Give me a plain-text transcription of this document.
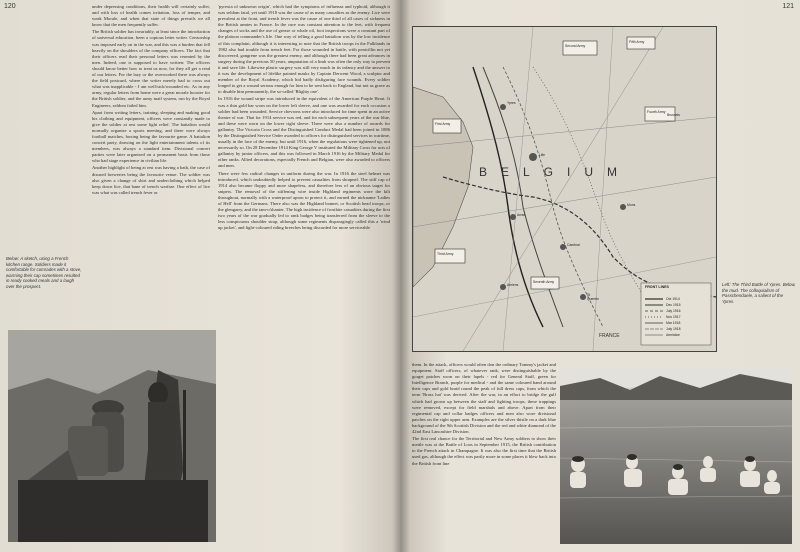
120	under depressing conditions, their health will certainly suffer, and with loss of health comes irritation, loss of temper, and weak Morale, and when that state of things prevails we all know that the men frequently suffer.

The British soldier has invariably, at least since the introduction of universal education, been a copious letter writer. Censorship was imposed early on in the war, and this was a burden that fell heavily on the shoulders of the company officers. The fact that their officers read their personal letters was resented by the men. Indeed, one is supposed to have written: The officers should know better how to treat us now, for they all get a read of our letters. For the lazy or the overworked there was always the field postcard, where the writer merely had to cross out what was inapplicable - I am well/sick/wounded etc. As in any army, regular letters from home were a great morale booster for the British soldier, and the army mail system, run by the Royal Engineers, seldom failed him.

Apart from writing letters, training, sleeping and making good his clothing and equipment, officers were constantly made to give the soldier at rest some light relief. The battalion would normally organise a sports meeting, and there were always football matches, boxing being the favourite game. A battalion concert party, drawing on the light entertainment talents of its members, was always a standard item. Divisional concert parties were later organised on a permanent basis from those who had stage experience in civilian life.

Another highlight of being at rest was having a bath, the case of disused breweries being the favourite venue. The soldier was also given a change of shirt and underclothing which helped keep down lice, that bane of trench warfare. One effect of lice was what was called trench fever or

'pyrexia of unknown origin', which had the symptoms of influenza and typhoid, although it was seldom fatal, yet until 1918 was the cause of as many casualties as the enemy. Lice were prevalent at the front, and trench fever was the cause of one third of all cases of sickness in the British armies in France. In the cure was constant attention to the feet, with frequent changes of socks and the use of grease or whale oil, foot inspections were a constant part of the platoon commander's life. One way of telling a good battalion was by the low incidence of this complaint, although it is interesting to note that the British troops in the Falklands in 1982 also had trouble from trench feet. For those wounded in battle, with penicillin not yet discovered, gangrene was the greatest enemy, and although there had been great advances in surgery during the previous 50 years, amputation of a limb was often the only way to prevent it and save life. Likewise plastic surgery was still very much in its infancy and the answer to it was the development of lifelike painted masks by Captain Derwent Wood, a sculptor and member of the Royal Academy, which hid badly disfiguring face wounds. Every soldier longed to get a wound serious enough for him to be sent back to England, but not as grave as to disable him permanently, the so-called 'Blighty one'.

In 1916 the wound stripe was introduced in the equivalent of the American Purple Heart. It was a thin gold bar worn on the lower left sleeve, and one was awarded for each occasion a soldier had been wounded. Service chevrons were also introduced for time spent in an active theatre of war. That for 1914 service was red, and for each subsequent years of the war blue, and these were worn on the lower right sleeve. There were also a number of awards for gallantry. The Victoria Cross and the Distinguished Conduct Medal had been joined in 1886 by the Distinguished Service Order awarded to officers for distinguished services in wartime, usually in the face of the enemy, but until 1916, when the regulations were tightened up, not necessarily so. On 28 December 1914 King George V instituted the Military Cross for acts of gallantry by junior officers, and this was followed in March 1916 by the Military Medal for other ranks. Allied decorations, especially French and Belgian, were also awarded to officers and men.

There were few radical changes in uniform during the war. In 1916 the steel helmet was introduced, which undoubtedly helped to prevent casualties from shrapnel. The stiff cap of 1914 also became floppy and more shapeless, and therefore less of an obvious target for snipers. The removal of the stiffening wire inside Highland regiments wore the kilt throughout, normally with a waterproof apron to protect it, and earned the nickname 'Ladies of Hell' from the Germans. There also was the Highland bonnet, or Scottish head troops, or the glengarry, and the tam-o'shanter. The high incidence of frostbite casualties during the first two years of the war gradually led to rank badges being transferred from the sleeve to the less conspicuous shoulder strap, although some regiments disparagingly called this a 'wind up jacket', and light-coloured riding breeches being discarded for more serviceable

Below: A sketch, using a French kitchen range. Soldiers made it comfortable for comrades with a stove, warming their cap sometimes resulted in ready cooked meals and a laugh over the prospect.
121
BELGIUM
FRANCE
FRONT LINES
Oct 1914
Dec 1915
July 1916
Nov 1917
Mar 1918
July 1918
Armistice
Second Army
Fifth Army
First Army
Fourth Army
Third Army
Seventh Army
Ypres
Lille
Arras
Amiens
Cambrai
St Quentin
Mons
Brussels
Left: The Third Battle of Ypres. Below, the mud. The colloquialism of Passchendaele, a salient of the Ypres.

them. In the attack, officers would often don the ordinary Tommy's jacket and equipment. Staff officers, of whatever rank, were distinguishable by the gorget patches worn on their lapels - red for General Staff, green for Intelligence Branch, purple for medical - and the same coloured band around their caps and gold braid round the peak of full dress caps, from which the term 'Brass hat' was derived. After the war, in an effort to bridge the gulf which had grown up between the staff and fighting troops, these trappings were removed, except for field marshals and above. Apart from their regimental cap and collar badges officers and men also wore divisional patches on the right upper arm. Examples are the silver thistle on a dark blue background of the 9th Scottish Division and the red and white diamond of the 42nd East Lancashire Division.

The first real chance for the Territorial and New Army soldiers to show their mettle was at the Battle of Loos in September 1915, the British contribution to the French attack in Champagne. It was also the first time that the British used gas, although the effect was partly more in some places it blew back into the British front line
